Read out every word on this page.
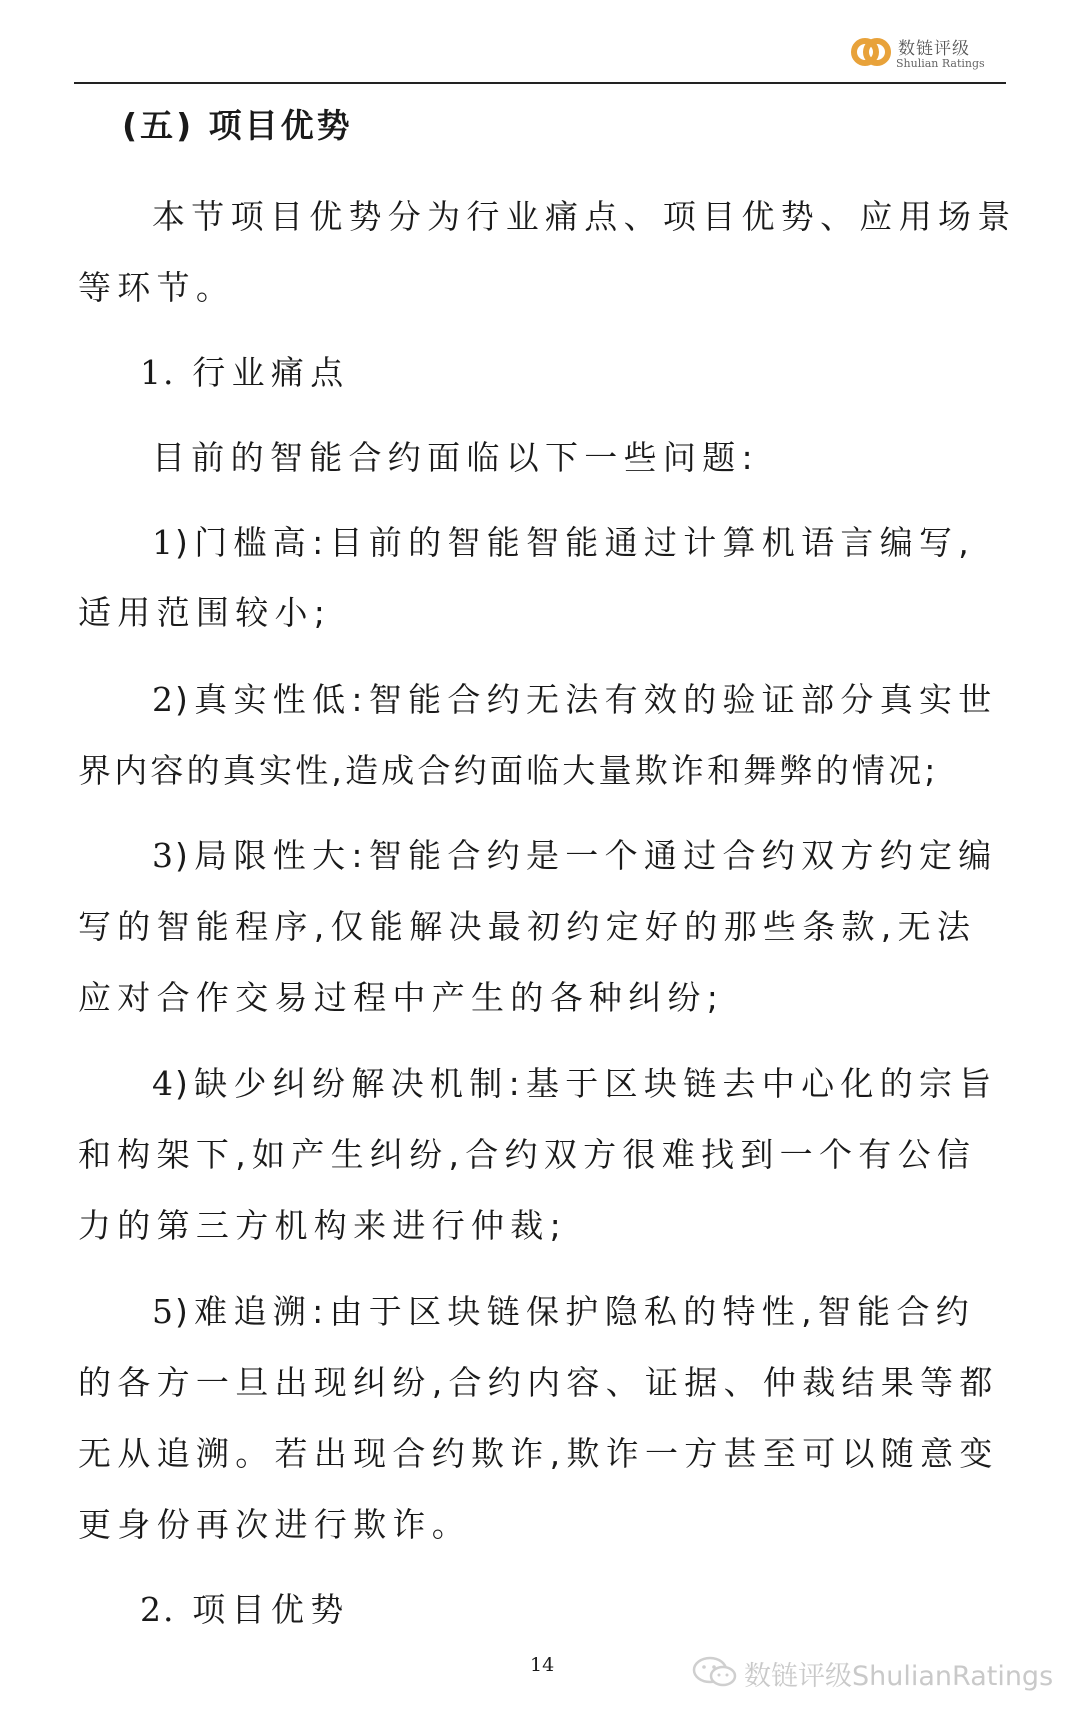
数链评级
Shulian Ratings
(五) 项目优势
本节项目优势分为行业痛点、项目优势、应用场景
等环节。
1. 行业痛点
目前的智能合约面临以下一些问题:
1)门槛高:目前的智能智能通过计算机语言编写,
适用范围较小;
2)真实性低:智能合约无法有效的验证部分真实世
界内容的真实性,造成合约面临大量欺诈和舞弊的情况;
3)局限性大:智能合约是一个通过合约双方约定编
写的智能程序,仅能解决最初约定好的那些条款,无法
应对合作交易过程中产生的各种纠纷;
4)缺少纠纷解决机制:基于区块链去中心化的宗旨
和构架下,如产生纠纷,合约双方很难找到一个有公信
力的第三方机构来进行仲裁;
5)难追溯:由于区块链保护隐私的特性,智能合约
的各方一旦出现纠纷,合约内容、证据、仲裁结果等都
无从追溯。若出现合约欺诈,欺诈一方甚至可以随意变
更身份再次进行欺诈。
2. 项目优势
14	数链评级ShulianRatings
